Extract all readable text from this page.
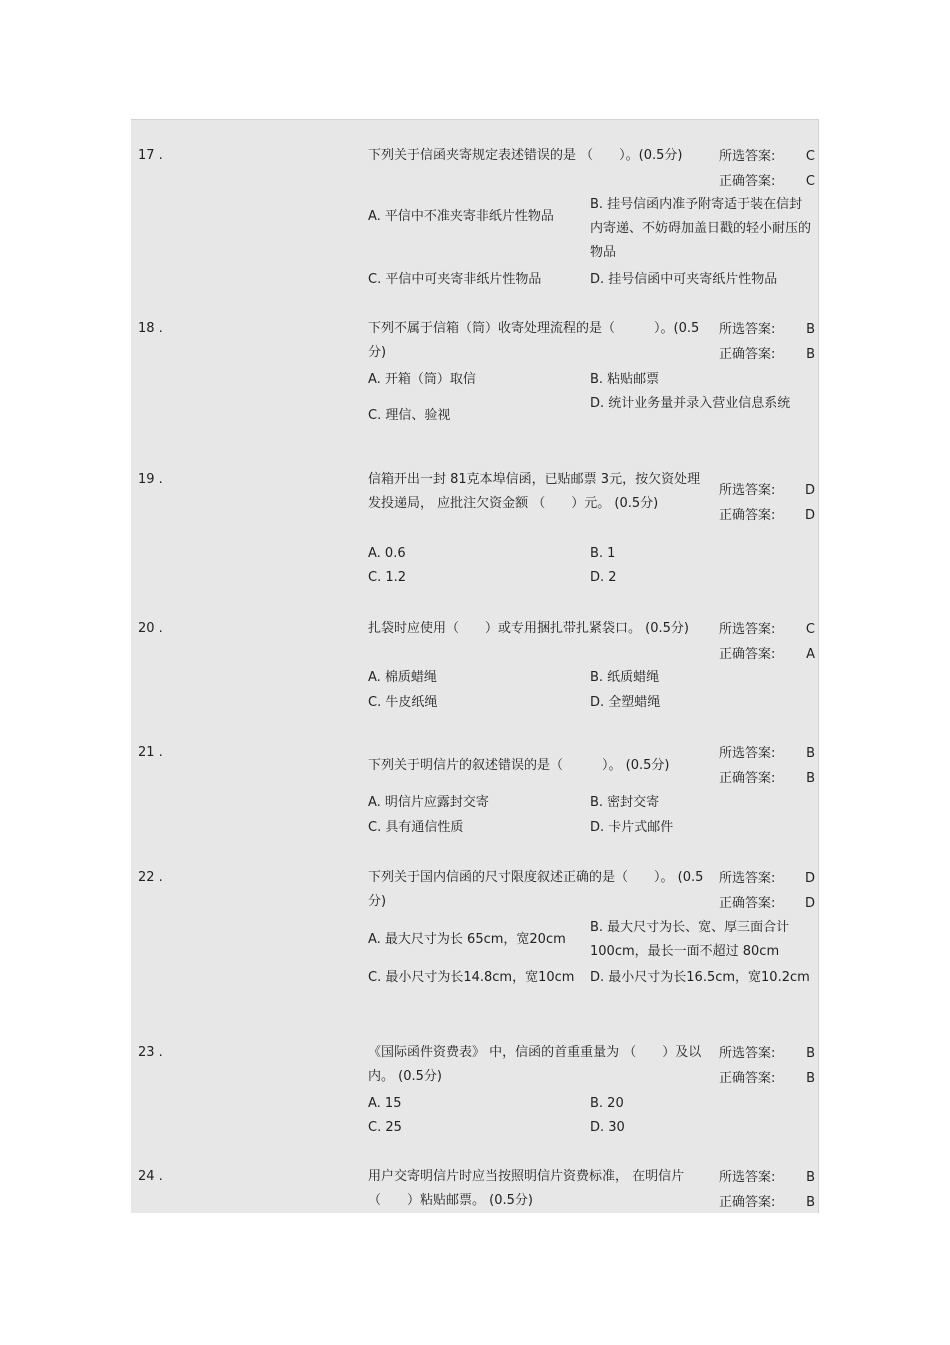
17 .	下列关于信函夹寄规定表述错误的是 （　　）。(0.5分)	所选答案: C
正确答案: C
A. 平信中不准夹寄非纸片性物品
B. 挂号信函内准予附寄适于装在信封内寄递、不妨碍加盖日戳的轻小耐压的物品
C. 平信中可夹寄非纸片性物品	D. 挂号信函中可夹寄纸片性物品
18 .	下列不属于信箱（筒）收寄处理流程的是（　　　）。(0.5分)
所选答案: B
正确答案: B
A. 开箱（筒）取信	B. 粘贴邮票
C. 理信、验视
D. 统计业务量并录入营业信息系统
19 .	信箱开出一封 81克本埠信函，已贴邮票 3元，按欠资处理发投递局， 应批注欠资金额 （　　）元。 (0.5分)
所选答案: D
正确答案: D
A. 0.6	B. 1
C. 1.2	D. 2
20 .	扎袋时应使用（　　）或专用捆扎带扎紧袋口。 (0.5分)	所选答案: C
正确答案: A
A. 棉质蜡绳	B. 纸质蜡绳
C. 牛皮纸绳	D. 全塑蜡绳
21 .
下列关于明信片的叙述错误的是（　　　）。 (0.5分)
所选答案: B
正确答案: B
A. 明信片应露封交寄	B. 密封交寄
C. 具有通信性质	D. 卡片式邮件
22 .	下列关于国内信函的尺寸限度叙述正确的是（　　）。 (0.5分)
所选答案: D
正确答案: D
A. 最大尺寸为长 65cm，宽20cm
B. 最大尺寸为长、宽、厚三面合计100cm，最长一面不超过 80cm
C. 最小尺寸为长14.8cm，宽10cm D. 最小尺寸为长16.5cm，宽10.2cm
23 .	《国际函件资费表》 中，信函的首重重量为 （　　）及以内。 (0.5分)
所选答案: B
正确答案: B
A. 15	B. 20
C. 25	D. 30
24 .	用户交寄明信片时应当按照明信片资费标准， 在明信片（　　）粘贴邮票。 (0.5分)
所选答案: B
正确答案: B
